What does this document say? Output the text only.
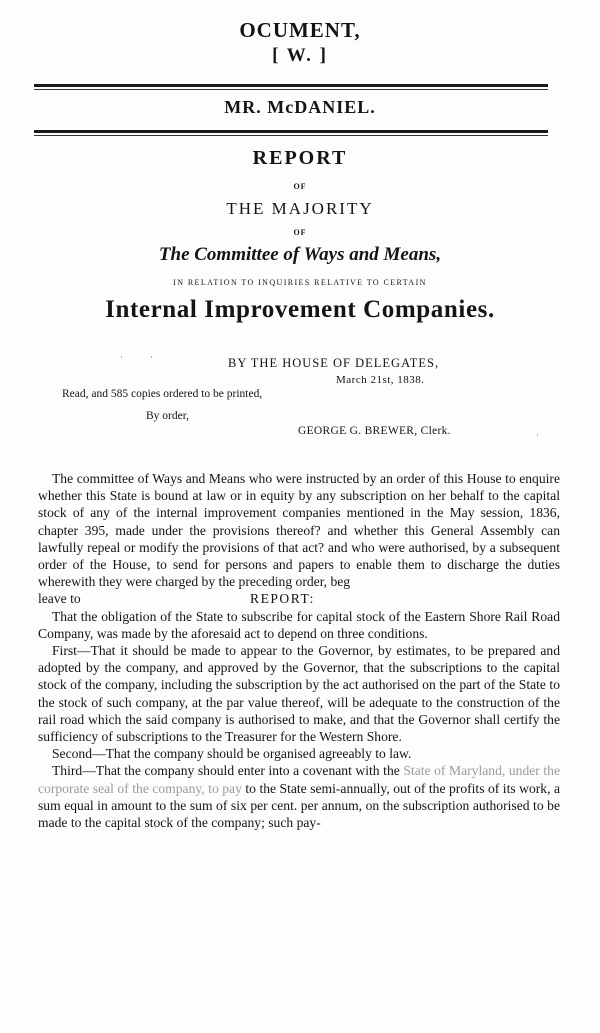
OCUMENT,
[ W. ]
MR. McDANIEL.
REPORT
OF
THE MAJORITY
OF
The Committee of Ways and Means,
IN RELATION TO INQUIRIES RELATIVE TO CERTAIN
Internal Improvement Companies.
BY THE HOUSE OF DELEGATES,
March 21st, 1838.
Read, and 585 copies ordered to be printed,
By order,
GEORGE G. BREWER, Clerk.
·	·
·

The committee of Ways and Means who were instructed by an order of this House to enquire whether this State is bound at law or in equity by any subscription on her behalf to the capital stock of any of the internal improvement companies mentioned in the May session, 1836, chapter 395, made under the provisions thereof? and whether this General Assembly can lawfully repeal or modify the provisions of that act? and who were authorised, by a subsequent order of the House, to send for persons and papers to enable them to discharge the duties wherewith they were charged by the preceding order, beg

leave to	REPORT:

That the obligation of the State to subscribe for capital stock of the Eastern Shore Rail Road Company, was made by the aforesaid act to depend on three conditions.

First—That it should be made to appear to the Governor, by estimates, to be prepared and adopted by the company, and approved by the Governor, that the subscriptions to the capital stock of the company, including the subscription by the act authorised on the part of the State to the stock of such company, at the par value thereof, will be adequate to the construction of the rail road which the said company is authorised to make, and that the Governor shall certify the sufficiency of subscriptions to the Treasurer for the Western Shore.

Second—That the company should be organised agreeably to law.

Third—That the company should enter into a covenant with the State of Maryland, under the corporate seal of the company, to pay to the State semi-annually, out of the profits of its work, a sum equal in amount to the sum of six per cent. per annum, on the subscription authorised to be made to the capital stock of the company; such pay-
